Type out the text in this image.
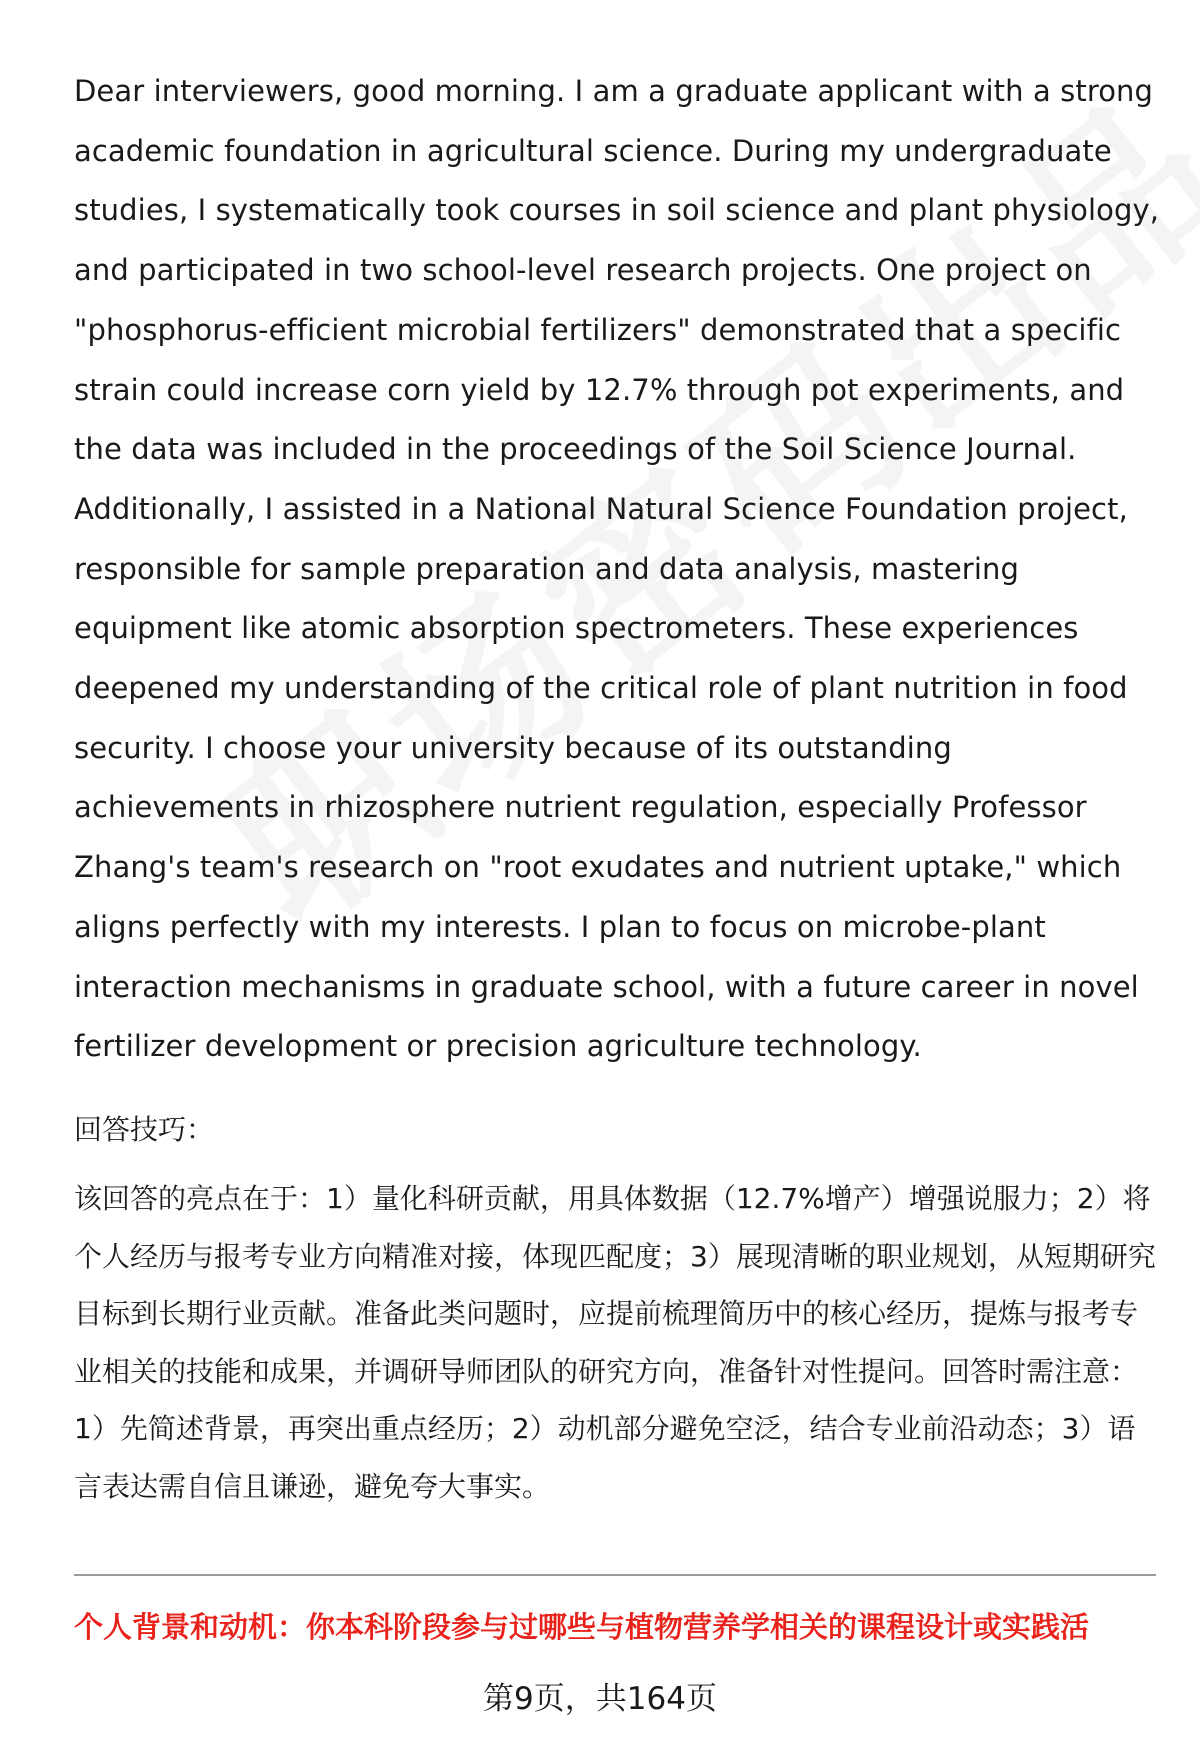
Dear interviewers, good morning. I am a graduate applicant with a strong academic foundation in agricultural science. During my undergraduate studies, I systematically took courses in soil science and plant physiology, and participated in two school-level research projects. One project on "phosphorus-efficient microbial fertilizers" demonstrated that a specific strain could increase corn yield by 12.7% through pot experiments, and the data was included in the proceedings of the Soil Science Journal. Additionally, I assisted in a National Natural Science Foundation project, responsible for sample preparation and data analysis, mastering equipment like atomic absorption spectrometers. These experiences deepened my understanding of the critical role of plant nutrition in food security. I choose your university because of its outstanding achievements in rhizosphere nutrient regulation, especially Professor Zhang's team's research on "root exudates and nutrient uptake," which aligns perfectly with my interests. I plan to focus on microbe-plant interaction mechanisms in graduate school, with a future career in novel fertilizer development or precision agriculture technology.

回答技巧：

该回答的亮点在于：1）量化科研贡献，用具体数据（12.7%增产）增强说服力；2）将个人经历与报考专业方向精准对接，体现匹配度；3）展现清晰的职业规划，从短期研究目标到长期行业贡献。准备此类问题时，应提前梳理简历中的核心经历，提炼与报考专业相关的技能和成果，并调研导师团队的研究方向，准备针对性提问。回答时需注意：1）先简述背景，再突出重点经历；2）动机部分避免空泛，结合专业前沿动态；3）语言表达需自信且谦逊，避免夸大事实。

个人背景和动机：你本科阶段参与过哪些与植物营养学相关的课程设计或实践活

第9页，共164页
